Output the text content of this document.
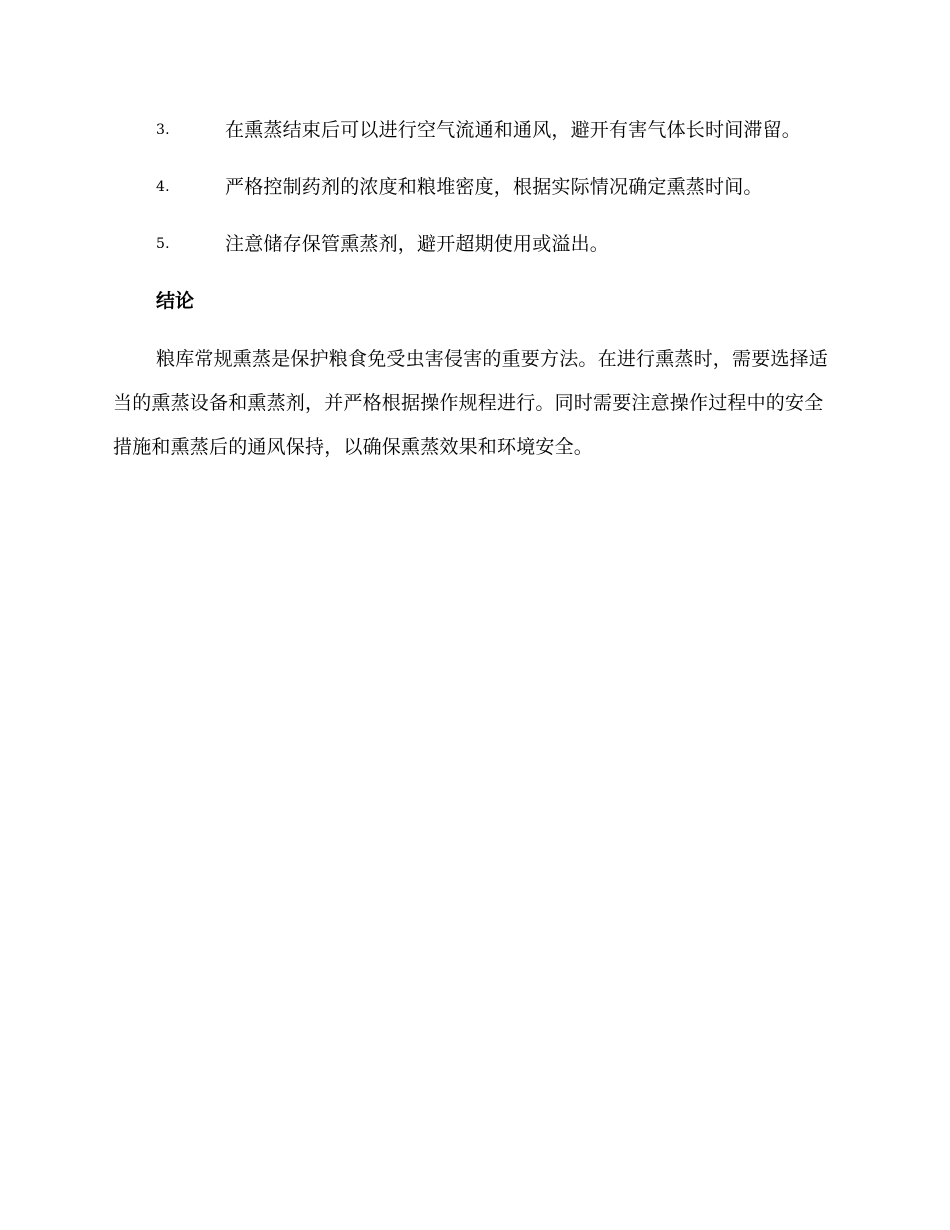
3.	在熏蒸结束后可以进行空气流通和通风，避开有害气体长时间滞留。
4.	严格控制药剂的浓度和粮堆密度，根据实际情况确定熏蒸时间。
5.	注意储存保管熏蒸剂，避开超期使用或溢出。
结论
粮库常规熏蒸是保护粮食免受虫害侵害的重要方法。在进行熏蒸时，需要选择适当的熏蒸设备和熏蒸剂，并严格根据操作规程进行。同时需要注意操作过程中的安全措施和熏蒸后的通风保持，以确保熏蒸效果和环境安全。
